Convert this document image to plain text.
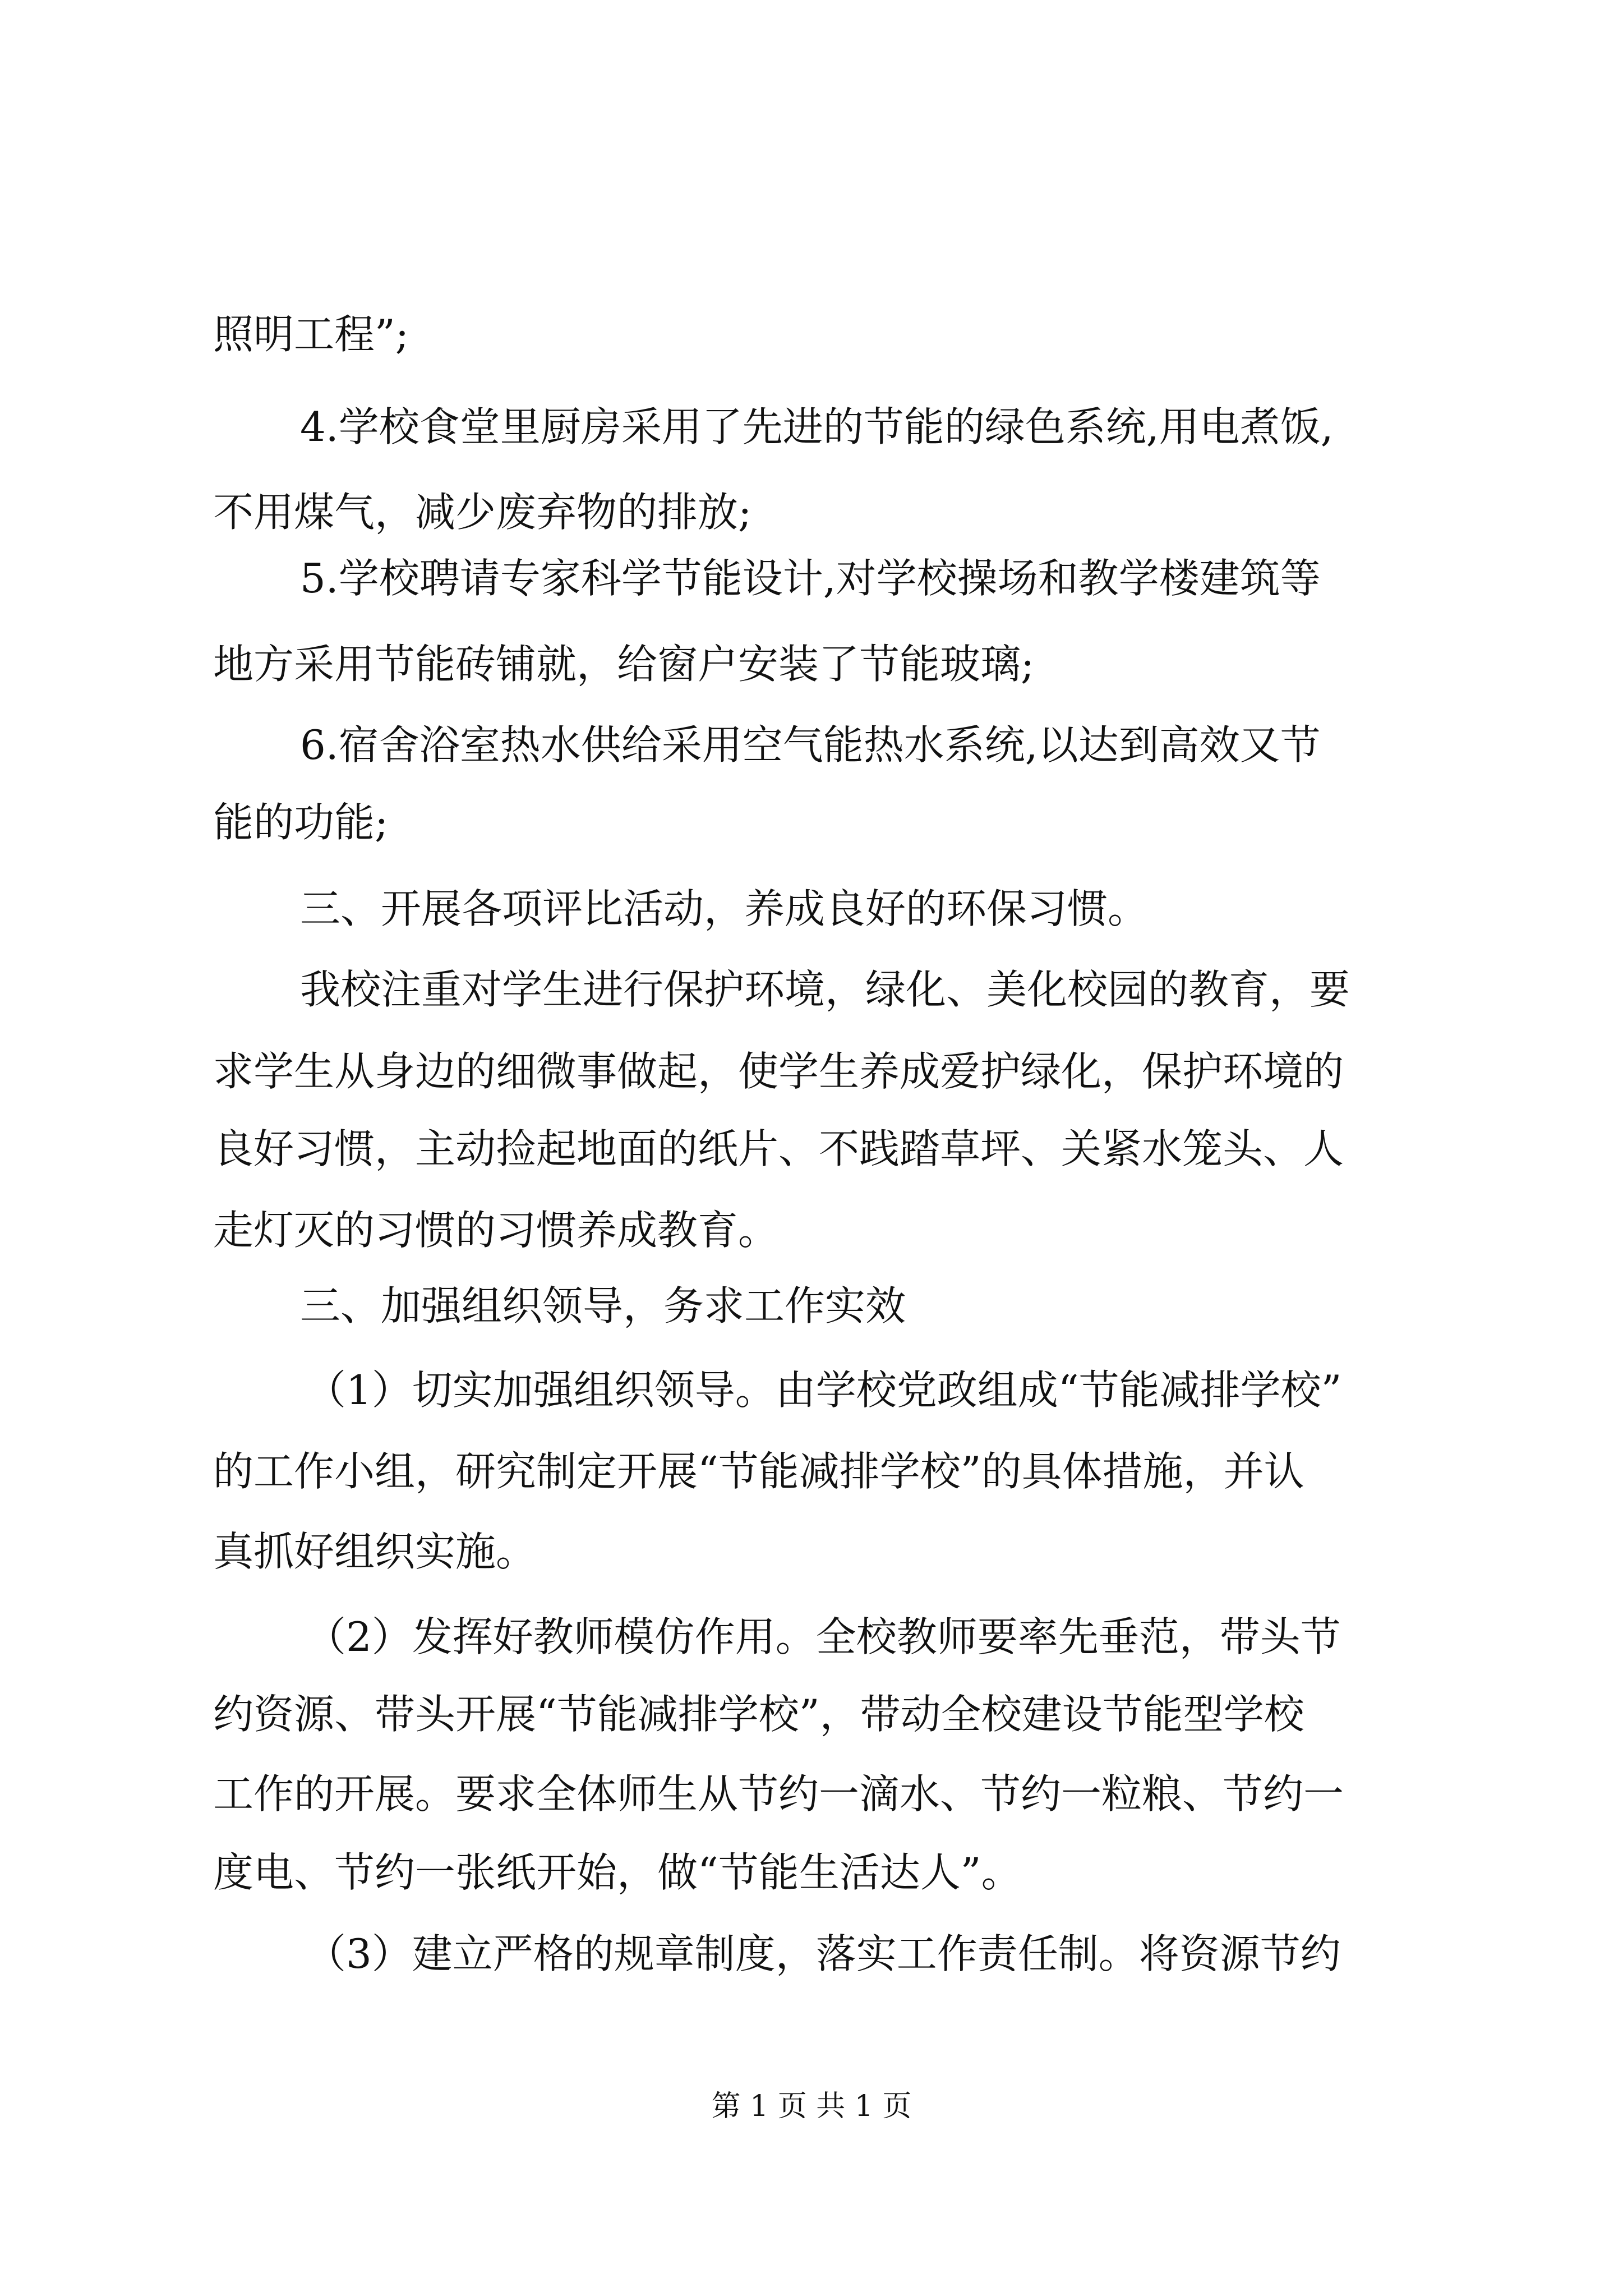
照明工程”;

4.学校食堂里厨房采用了先进的节能的绿色系统,用电煮饭,

不用煤气，减少废弃物的排放;

5.学校聘请专家科学节能设计,对学校操场和教学楼建筑等

地方采用节能砖铺就，给窗户安装了节能玻璃;

6.宿舍浴室热水供给采用空气能热水系统,以达到高效又节

能的功能;

三、开展各项评比活动，养成良好的环保习惯。

我校注重对学生进行保护环境，绿化、美化校园的教育，要

求学生从身边的细微事做起，使学生养成爱护绿化，保护环境的

良好习惯，主动捡起地面的纸片、不践踏草坪、关紧水笼头、人

走灯灭的习惯的习惯养成教育。

三、加强组织领导，务求工作实效

（1）切实加强组织领导。由学校党政组成“节能减排学校”

的工作小组，研究制定开展“节能减排学校”的具体措施，并认

真抓好组织实施。

（2）发挥好教师模仿作用。全校教师要率先垂范，带头节

约资源、带头开展“节能减排学校”，带动全校建设节能型学校

工作的开展。要求全体师生从节约一滴水、节约一粒粮、节约一

度电、节约一张纸开始，做“节能生活达人”。

（3）建立严格的规章制度，落实工作责任制。将资源节约

第 1 页 共 1 页
